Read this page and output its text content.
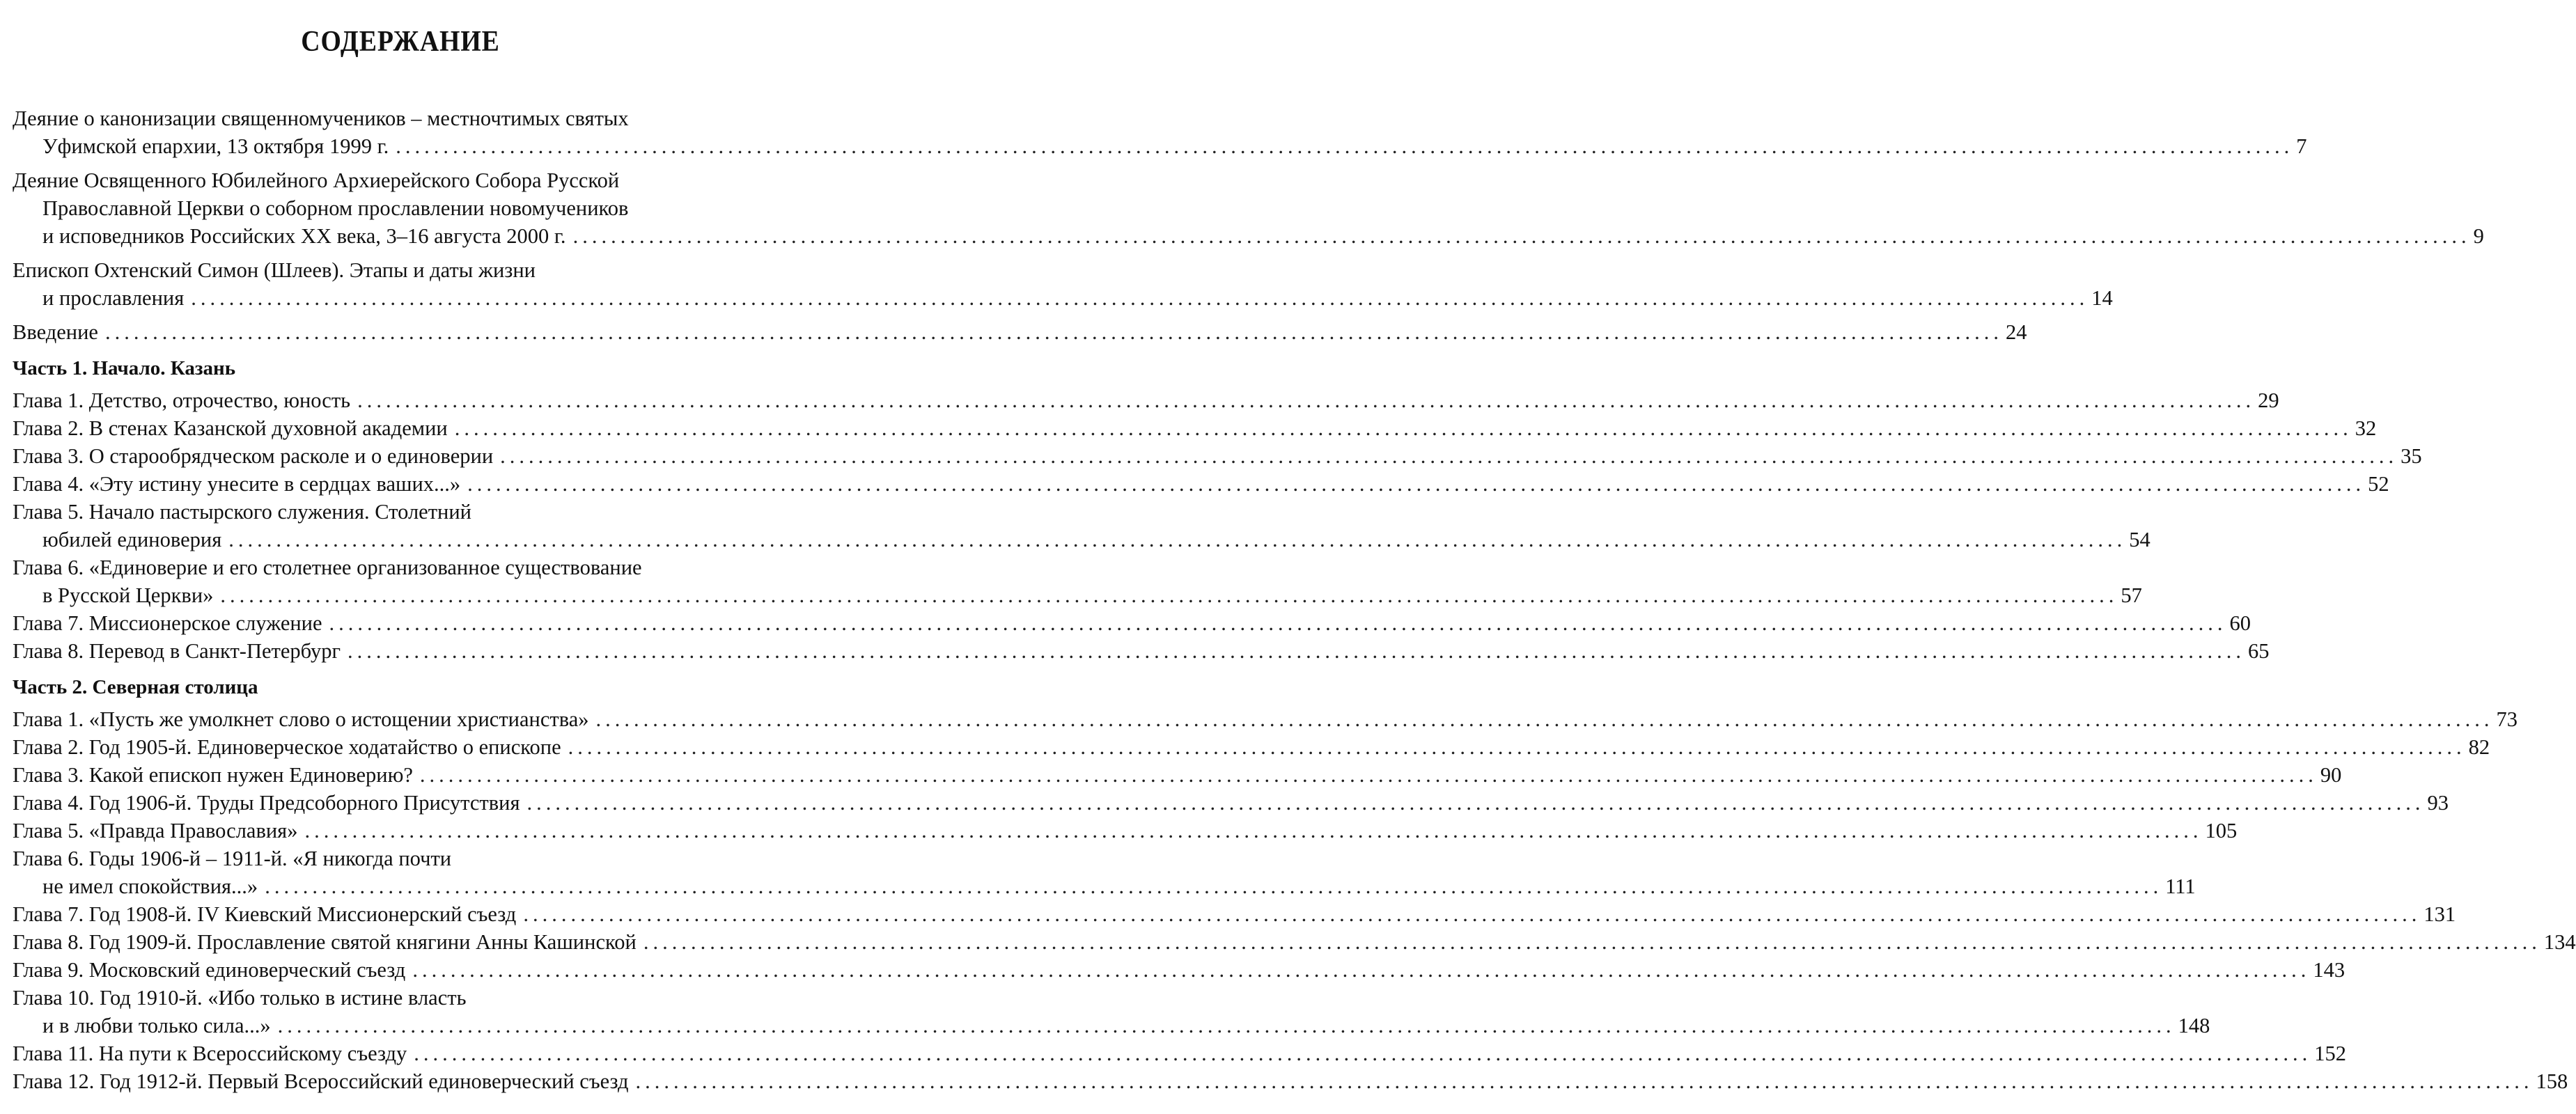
СОДЕРЖАНИЕ
Деяние о канонизации священномучеников – местночтимых святых
Уфимской епархии, 13 октября 1999 г. ........................................................................................................................................................................................................ 7
Деяние Освященного Юбилейного Архиерейского Собора Русской
Православной Церкви о соборном прославлении новомучеников
и исповедников Российских XX века, 3–16 августа 2000 г. ........................................................................................................................................................................................................ 9
Епископ Охтенский Симон (Шлеев). Этапы и даты жизни
и прославления ........................................................................................................................................................................................................ 14
Введение ........................................................................................................................................................................................................ 24
Часть 1. Начало. Казань
Глава 1. Детство, отрочество, юность ........................................................................................................................................................................................................ 29
Глава 2. В стенах Казанской духовной академии ........................................................................................................................................................................................................ 32
Глава 3. О старообрядческом расколе и о единоверии ........................................................................................................................................................................................................ 35
Глава 4. «Эту истину унесите в сердцах ваших...» ........................................................................................................................................................................................................ 52
Глава 5. Начало пастырского служения. Столетний
юбилей единоверия ........................................................................................................................................................................................................ 54
Глава 6. «Единоверие и его столетнее организованное существование
в Русской Церкви» ........................................................................................................................................................................................................ 57
Глава 7. Миссионерское служение ........................................................................................................................................................................................................ 60
Глава 8. Перевод в Санкт-Петербург ........................................................................................................................................................................................................ 65
Часть 2. Северная столица
Глава 1. «Пусть же умолкнет слово о истощении христианства» ........................................................................................................................................................................................................ 73
Глава 2. Год 1905-й. Единоверческое ходатайство о епископе ........................................................................................................................................................................................................ 82
Глава 3. Какой епископ нужен Единоверию? ........................................................................................................................................................................................................ 90
Глава 4. Год 1906-й. Труды Предсоборного Присутствия ........................................................................................................................................................................................................ 93
Глава 5. «Правда Православия» ........................................................................................................................................................................................................ 105
Глава 6. Годы 1906-й – 1911-й. «Я никогда почти
не имел спокойствия...» ........................................................................................................................................................................................................ 111
Глава 7. Год 1908-й. IV Киевский Миссионерский съезд ........................................................................................................................................................................................................ 131
Глава 8. Год 1909-й. Прославление святой княгини Анны Кашинской ........................................................................................................................................................................................................ 134
Глава 9. Московский единоверческий съезд ........................................................................................................................................................................................................ 143
Глава 10. Год 1910-й. «Ибо только в истине власть
и в любви только сила...» ........................................................................................................................................................................................................ 148
Глава 11. На пути к Всероссийскому съезду ........................................................................................................................................................................................................ 152
Глава 12. Год 1912-й. Первый Всероссийский единоверческий съезд ........................................................................................................................................................................................................ 158
